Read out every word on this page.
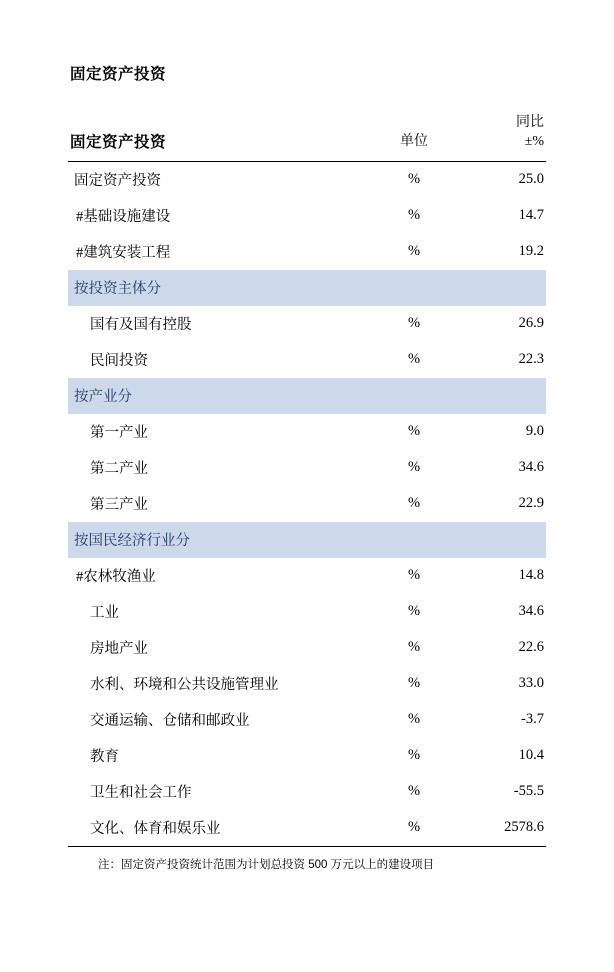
固定资产投资
固定资产投资	单位	同比
±%

固定资产投资	%	25.0
#基础设施建设	%	14.7
#建筑安装工程	%	19.2
按投资主体分		
国有及国有控股	%	26.9
民间投资	%	22.3
按产业分		
第一产业	%	9.0
第二产业	%	34.6
第三产业	%	22.9
按国民经济行业分		
#农林牧渔业	%	14.8
工业	%	34.6
房地产业	%	22.6
水利、环境和公共设施管理业	%	33.0
交通运输、仓储和邮政业	%	-3.7
教育	%	10.4
卫生和社会工作	%	-55.5
文化、体育和娱乐业	%	2578.6
注：固定资产投资统计范围为计划总投资 500 万元以上的建设项目
